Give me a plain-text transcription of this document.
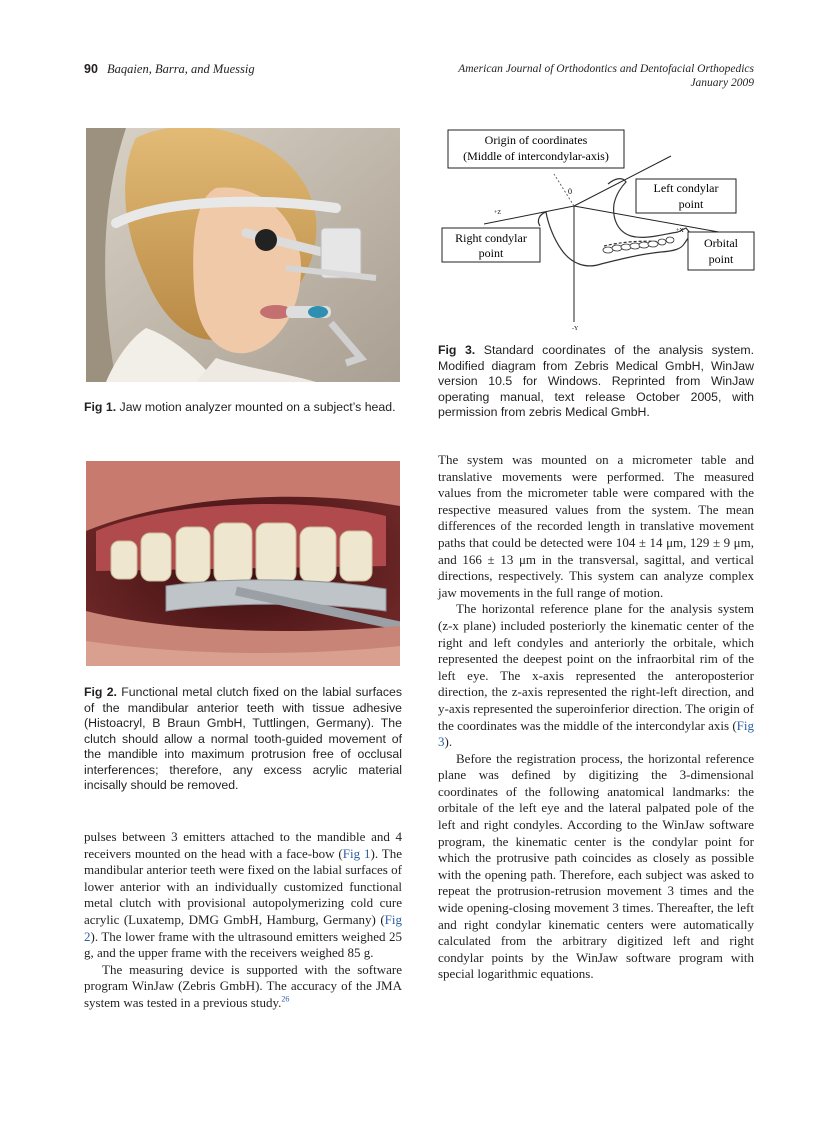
90 Baqaien, Barra, and Muessig	American Journal of Orthodontics and Dentofacial Orthopedics
January 2009
Fig 1. Jaw motion analyzer mounted on a subject’s head.
Fig 2. Functional metal clutch fixed on the labial surfaces of the mandibular anterior teeth with tissue adhesive (Histoacryl, B Braun GmbH, Tuttlingen, Germany). The clutch should allow a normal tooth-guided movement of the mandible into maximum protrusion free of occlusal interferences; therefore, any excess acrylic material incisally should be removed.
Origin of coordinates
(Middle of intercondylar-axis)
Left condylar
point
Right condylar
point
Orbital
point
0
+Z
+X
-Y
Fig 3. Standard coordinates of the analysis system. Modified diagram from Zebris Medical GmbH, WinJaw version 10.5 for Windows. Reprinted from WinJaw operating manual, text release October 2005, with permission from zebris Medical GmbH.

pulses between 3 emitters attached to the mandible and 4 receivers mounted on the head with a face-bow (Fig 1). The mandibular anterior teeth were fixed on the labial surfaces of lower anterior with an individually customized functional metal clutch with provisional autopolymerizing cold cure acrylic (Luxatemp, DMG GmbH, Hamburg, Germany) (Fig 2). The lower frame with the ultrasound emitters weighed 25 g, and the upper frame with the receivers weighed 85 g.

The measuring device is supported with the software program WinJaw (Zebris GmbH). The accuracy of the JMA system was tested in a previous study.$^{26}$

The system was mounted on a micrometer table and translative movements were performed. The measured values from the micrometer table were compared with the respective measured values from the system. The mean differences of the recorded length in translative movement paths that could be detected were 104 ± 14 μm, 129 ± 9 μm, and 166 ± 13 μm in the transversal, sagittal, and vertical directions, respectively. This system can analyze complex jaw movements in the full range of motion.

The horizontal reference plane for the analysis system (z-x plane) included posteriorly the kinematic center of the right and left condyles and anteriorly the orbitale, which represented the deepest point on the infraorbital rim of the left eye. The x-axis represented the anteroposterior direction, the z-axis represented the right-left direction, and y-axis represented the superoinferior direction. The origin of the coordinates was the middle of the intercondylar axis (Fig 3).

Before the registration process, the horizontal reference plane was defined by digitizing the 3-dimensional coordinates of the following anatomical landmarks: the orbitale of the left eye and the lateral palpated pole of the left and right condyles. According to the WinJaw software program, the kinematic center is the condylar point for which the protrusive path coincides as closely as possible with the opening path. Therefore, each subject was asked to repeat the protrusion-retrusion movement 3 times and the wide opening-closing movement 3 times. Thereafter, the left and right condylar kinematic centers were automatically calculated from the arbitrary digitized left and right condylar points by the WinJaw software program with special logarithmic equations.
